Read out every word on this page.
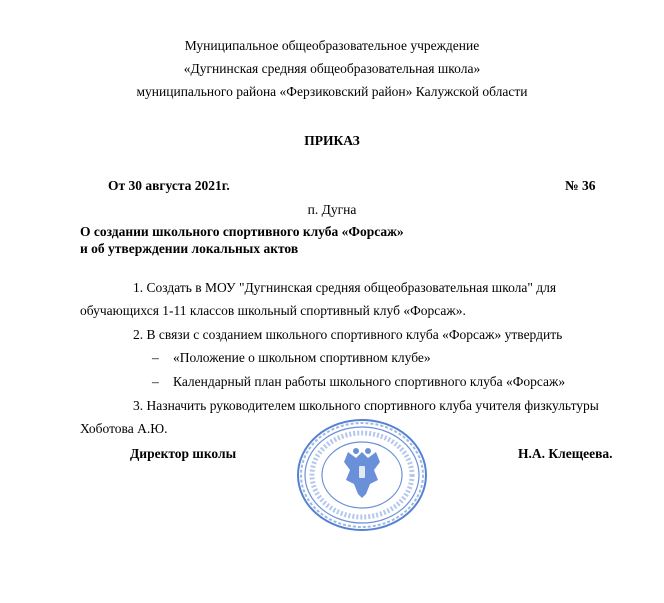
Муниципальное общеобразовательное учреждение
«Дугнинская средняя общеобразовательная школа»
муниципального района «Ферзиковский район» Калужской области
ПРИКАЗ
От 30 августа 2021г.	№ 36
п. Дугна
О создании школьного спортивного клуба «Форсаж»
и об утверждении локальных актов
1. Создать в МОУ "Дугнинская средняя общеобразовательная школа" для
обучающихся 1-11 классов школьный спортивный клуб «Форсаж».
2. В связи с созданием школьного спортивного клуба «Форсаж» утвердить
– «Положение о школьном спортивном клубе»
– Календарный план работы школьного спортивного клуба «Форсаж»
3. Назначить руководителем школьного спортивного клуба учителя физкультуры
Хоботова А.Ю.
Директор школы	Н.А. Клещеева.
